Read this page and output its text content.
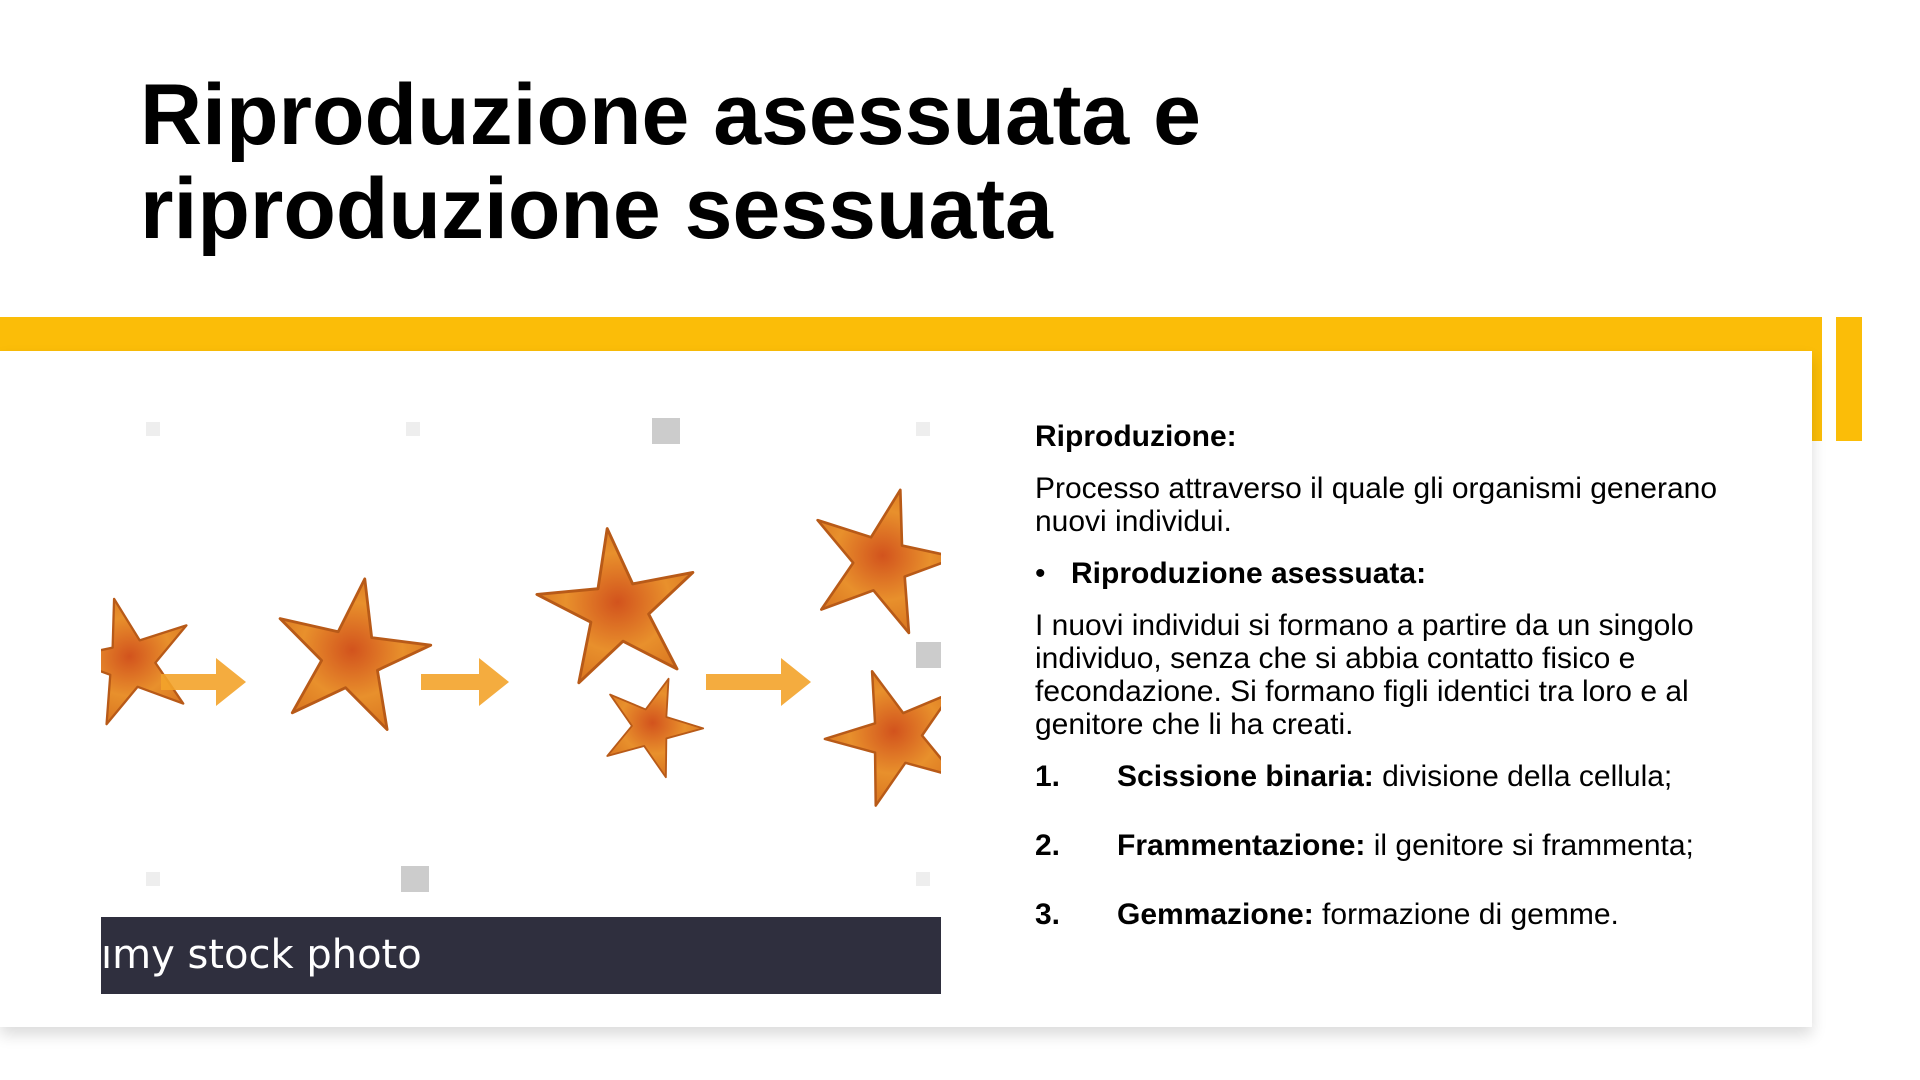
Riproduzione asessuata e
riproduzione sessuata
ımy stock photo

Riproduzione:

Processo attraverso il quale gli organismi generano nuovi individui.

• Riproduzione asessuata:

I nuovi individui si formano a partire da un singolo individuo, senza che si abbia contatto fisico e fecondazione. Si formano figli identici tra loro e al genitore che li ha creati.

1.	Scissione binaria: divisione della cellula;
2.	Frammentazione: il genitore si frammenta;
3.	Gemmazione: formazione di gemme.
